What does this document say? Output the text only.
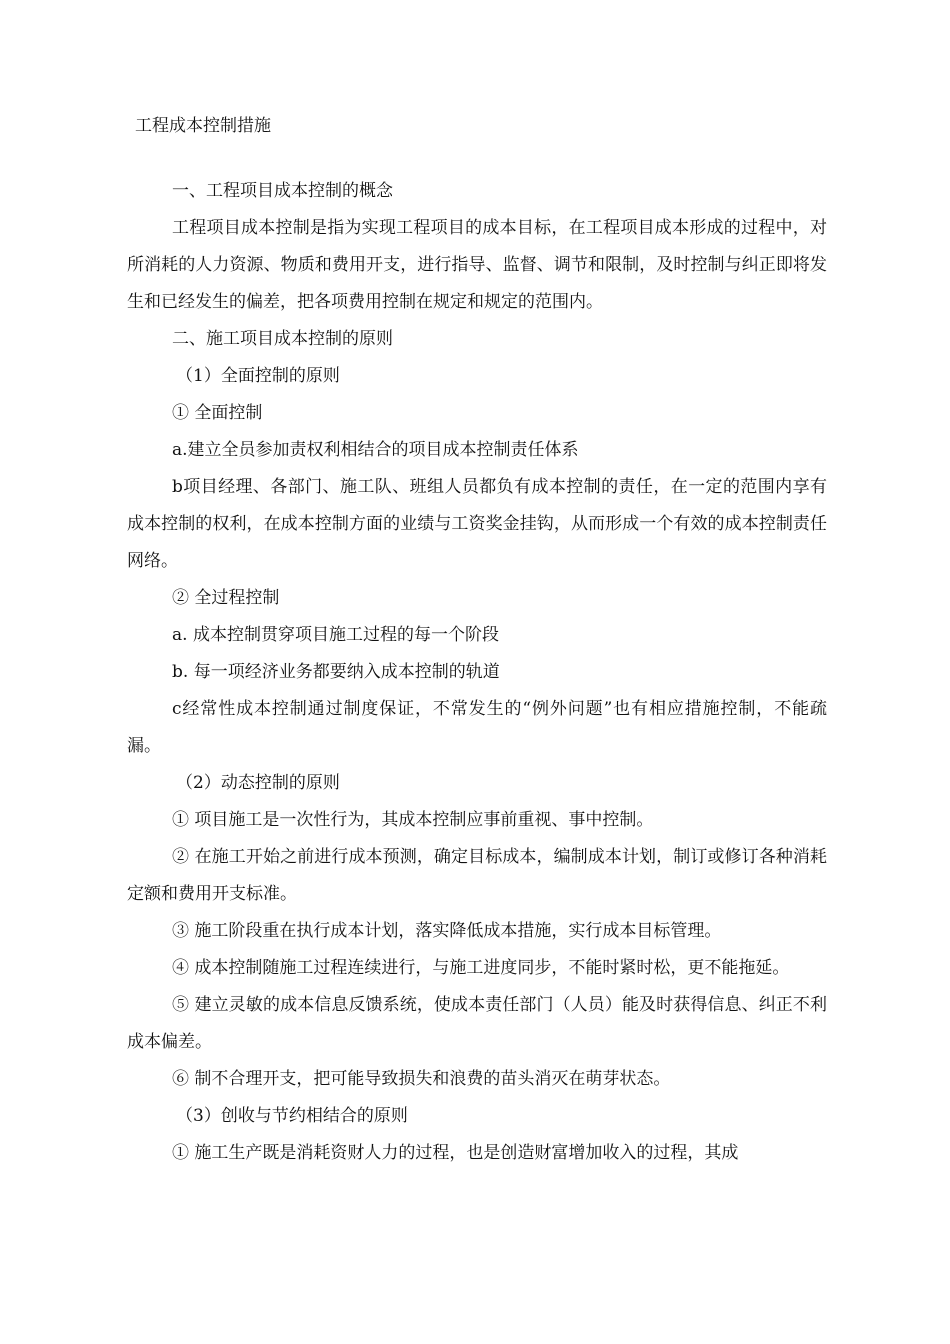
工程成本控制措施

一、工程项目成本控制的概念

工程项目成本控制是指为实现工程项目的成本目标，在工程项目成本形成的过程中，对所消耗的人力资源、物质和费用开支，进行指导、监督、调节和限制，及时控制与纠正即将发生和已经发生的偏差，把各项费用控制在规定和规定的范围内。

二、施工项目成本控制的原则

（1）全面控制的原则

① 全面控制

a.建立全员参加责权利相结合的项目成本控制责任体系

b项目经理、各部门、施工队、班组人员都负有成本控制的责任，在一定的范围内享有成本控制的权利，在成本控制方面的业绩与工资奖金挂钩，从而形成一个有效的成本控制责任网络。

② 全过程控制

a. 成本控制贯穿项目施工过程的每一个阶段

b. 每一项经济业务都要纳入成本控制的轨道

c经常性成本控制通过制度保证，不常发生的“例外问题”也有相应措施控制，不能疏漏。

（2）动态控制的原则

① 项目施工是一次性行为，其成本控制应事前重视、事中控制。

② 在施工开始之前进行成本预测，确定目标成本，编制成本计划，制订或修订各种消耗定额和费用开支标准。

③ 施工阶段重在执行成本计划，落实降低成本措施，实行成本目标管理。

④ 成本控制随施工过程连续进行，与施工进度同步，不能时紧时松，更不能拖延。

⑤ 建立灵敏的成本信息反馈系统，使成本责任部门（人员）能及时获得信息、纠正不利成本偏差。

⑥ 制不合理开支，把可能导致损失和浪费的苗头消灭在萌芽状态。

（3）创收与节约相结合的原则

① 施工生产既是消耗资财人力的过程，也是创造财富增加收入的过程，其成
